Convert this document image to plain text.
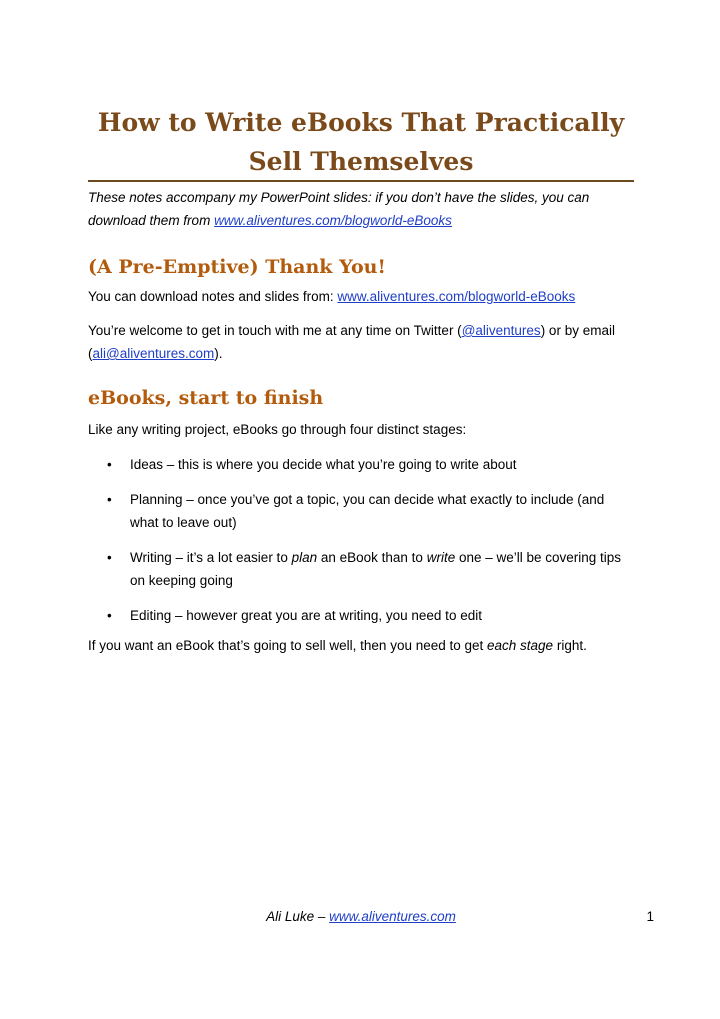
How to Write eBooks That Practically Sell Themselves

These notes accompany my PowerPoint slides: if you don’t have the slides, you can download them from www.aliventures.com/blogworld-eBooks

(A Pre-Emptive) Thank You!

You can download notes and slides from: www.aliventures.com/blogworld-eBooks

You’re welcome to get in touch with me at any time on Twitter (@aliventures) or by email (ali@aliventures.com).

eBooks, start to finish

Like any writing project, eBooks go through four distinct stages:

• Ideas – this is where you decide what you’re going to write about
• Planning – once you’ve got a topic, you can decide what exactly to include (and what to leave out)
• Writing – it’s a lot easier to plan an eBook than to write one – we’ll be covering tips on keeping going
• Editing – however great you are at writing, you need to edit

If you want an eBook that’s going to sell well, then you need to get each stage right.

Ali Luke – www.aliventures.com	1
